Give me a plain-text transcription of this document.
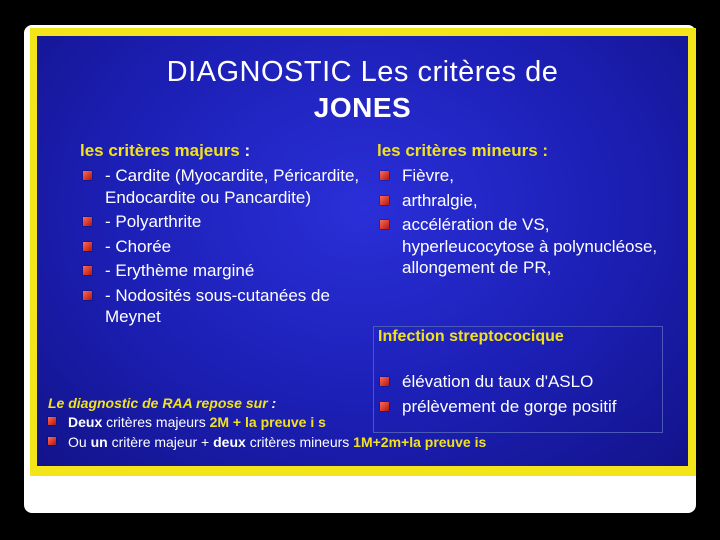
DIAGNOSTIC Les critères de
JONES
les critères majeurs :
- Cardite (Myocardite, Péricardite, Endocardite ou Pancardite)
- Polyarthrite
- Chorée
- Erythème marginé
- Nodosités sous-cutanées de Meynet
les critères mineurs :
Fièvre,
arthralgie,
accélération de VS, hyperleucocytose à polynucléose, allongement de PR,
Infection streptococique
élévation du taux d'ASLO
prélèvement de gorge positif
Le diagnostic de RAA repose sur :
Deux critères majeurs 2M + la preuve i s
Ou un critère majeur + deux critères mineurs 1M+2m+la preuve is
